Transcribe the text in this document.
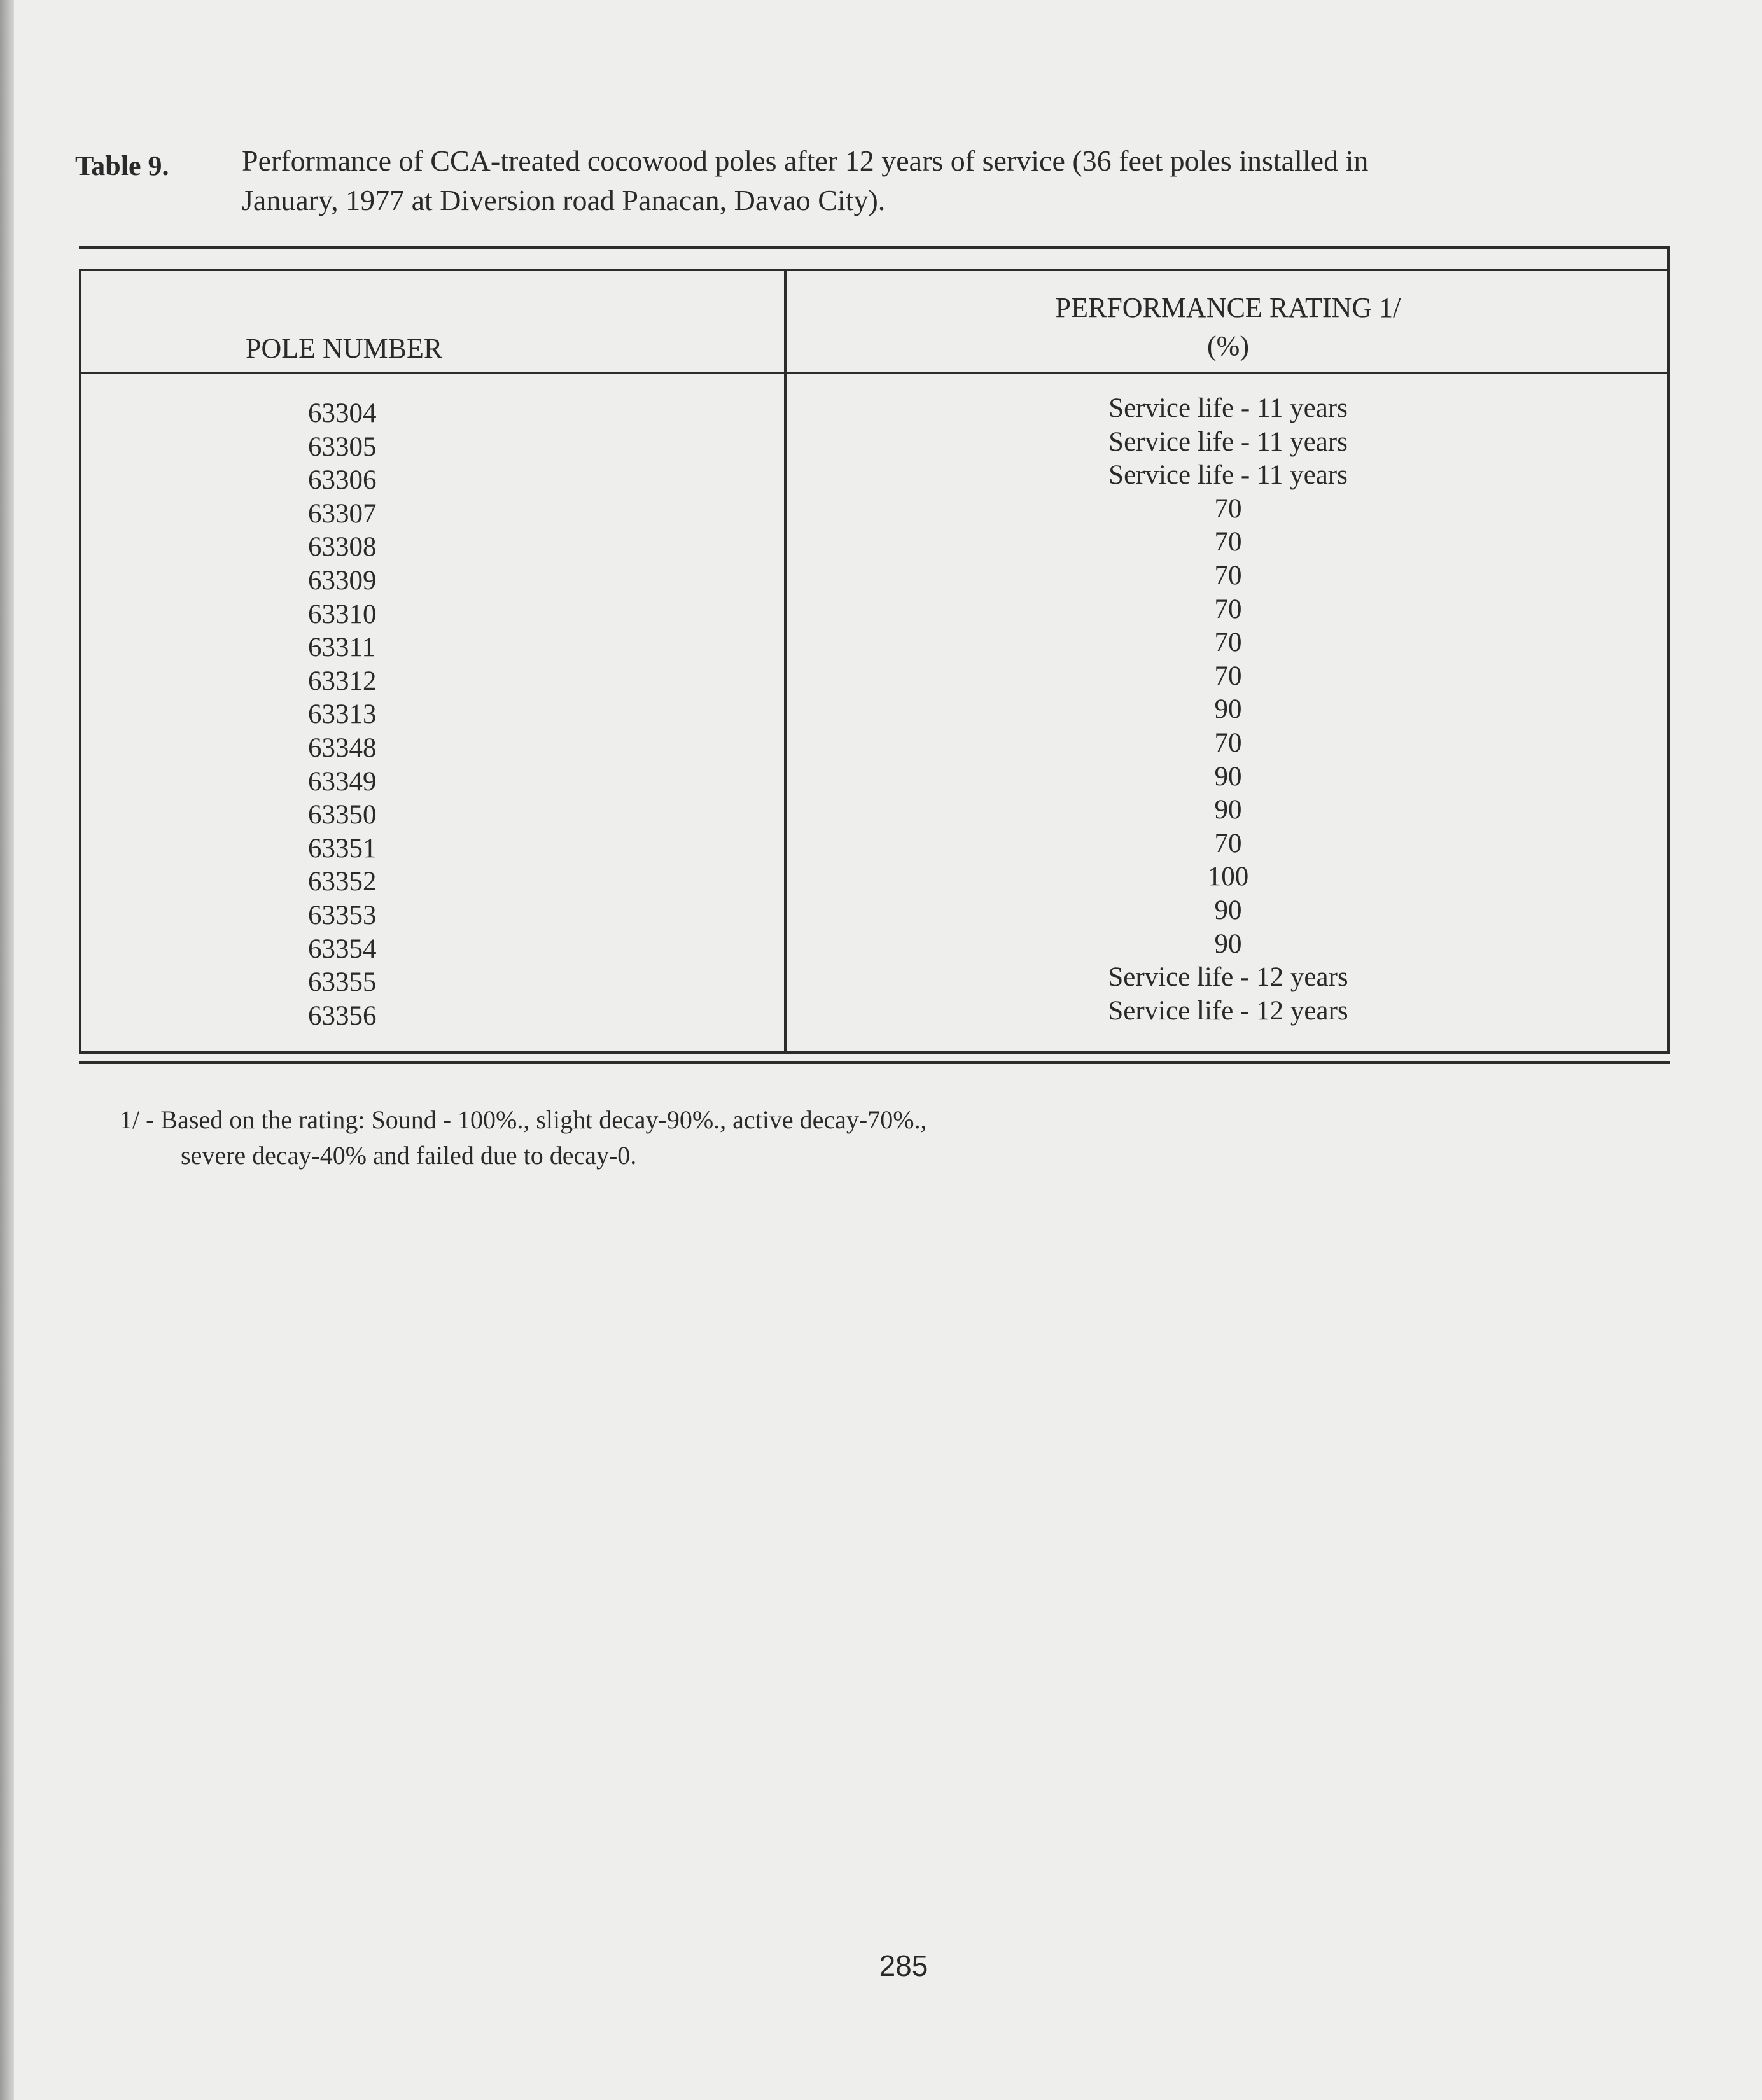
Table 9. Performance of CCA-treated cocowood poles after 12 years of service (36 feet poles installed in
January, 1977 at Diversion road Panacan, Davao City).
POLE NUMBER
PERFORMANCE RATING 1/
(%)
63304
63305
63306
63307
63308
63309
63310
63311
63312
63313
63348
63349
63350
63351
63352
63353
63354
63355
63356
Service life - 11 years
Service life - 11 years
Service life - 11 years
70
70
70
70
70
70
90
70
90
90
70
100
90
90
Service life - 12 years
Service life - 12 years
1/ - Based on the rating: Sound - 100%., slight decay-90%., active decay-70%.,
severe decay-40% and failed due to decay-0.
285
